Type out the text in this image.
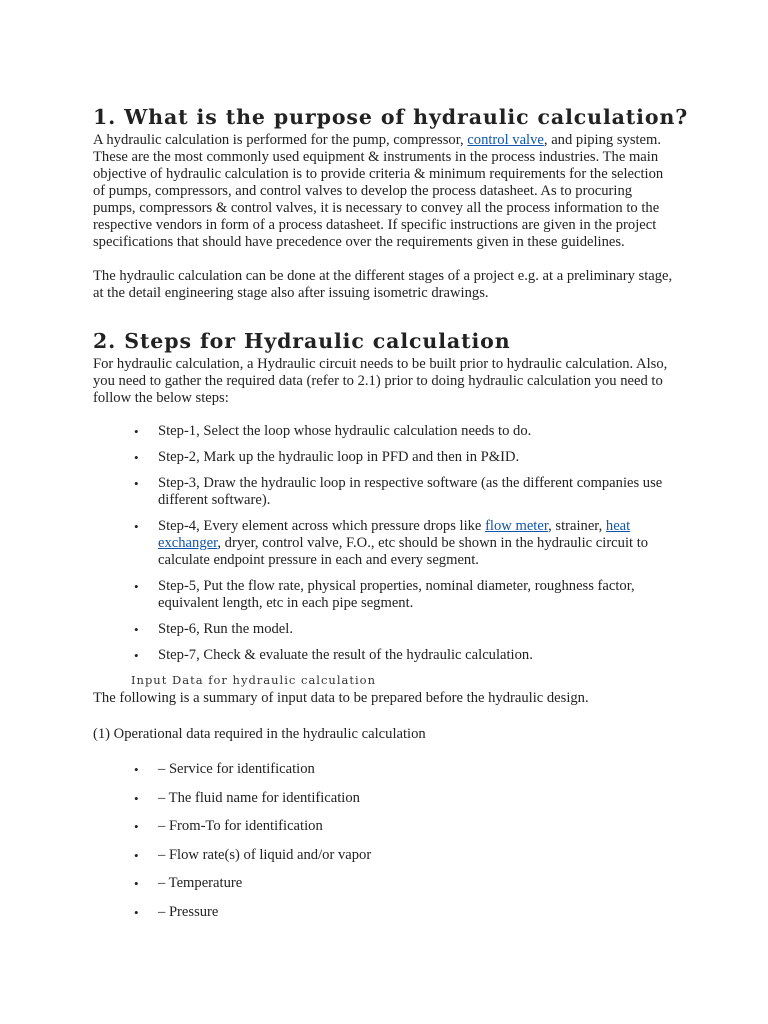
1. What is the purpose of hydraulic calculation?

A hydraulic calculation is performed for the pump, compressor, control valve, and piping system. These are the most commonly used equipment & instruments in the process industries. The main objective of hydraulic calculation is to provide criteria & minimum requirements for the selection of pumps, compressors, and control valves to develop the process datasheet. As to procuring pumps, compressors & control valves, it is necessary to convey all the process information to the respective vendors in form of a process datasheet. If specific instructions are given in the project specifications that should have precedence over the requirements given in these guidelines.

The hydraulic calculation can be done at the different stages of a project e.g. at a preliminary stage, at the detail engineering stage also after issuing isometric drawings.

2. Steps for Hydraulic calculation

For hydraulic calculation, a Hydraulic circuit needs to be built prior to hydraulic calculation. Also, you need to gather the required data (refer to 2.1) prior to doing hydraulic calculation you need to follow the below steps:

• Step-1, Select the loop whose hydraulic calculation needs to do.
• Step-2, Mark up the hydraulic loop in PFD and then in P&ID.
• Step-3, Draw the hydraulic loop in respective software (as the different companies use different software).
• Step-4, Every element across which pressure drops like flow meter, strainer, heat exchanger, dryer, control valve, F.O., etc should be shown in the hydraulic circuit to calculate endpoint pressure in each and every segment.
• Step-5, Put the flow rate, physical properties, nominal diameter, roughness factor, equivalent length, etc in each pipe segment.
• Step-6, Run the model.
• Step-7, Check & evaluate the result of the hydraulic calculation.
Input Data for hydraulic calculation

The following is a summary of input data to be prepared before the hydraulic design.

(1) Operational data required in the hydraulic calculation

• – Service for identification
• – The fluid name for identification
• – From-To for identification
• – Flow rate(s) of liquid and/or vapor
• – Temperature
• – Pressure
